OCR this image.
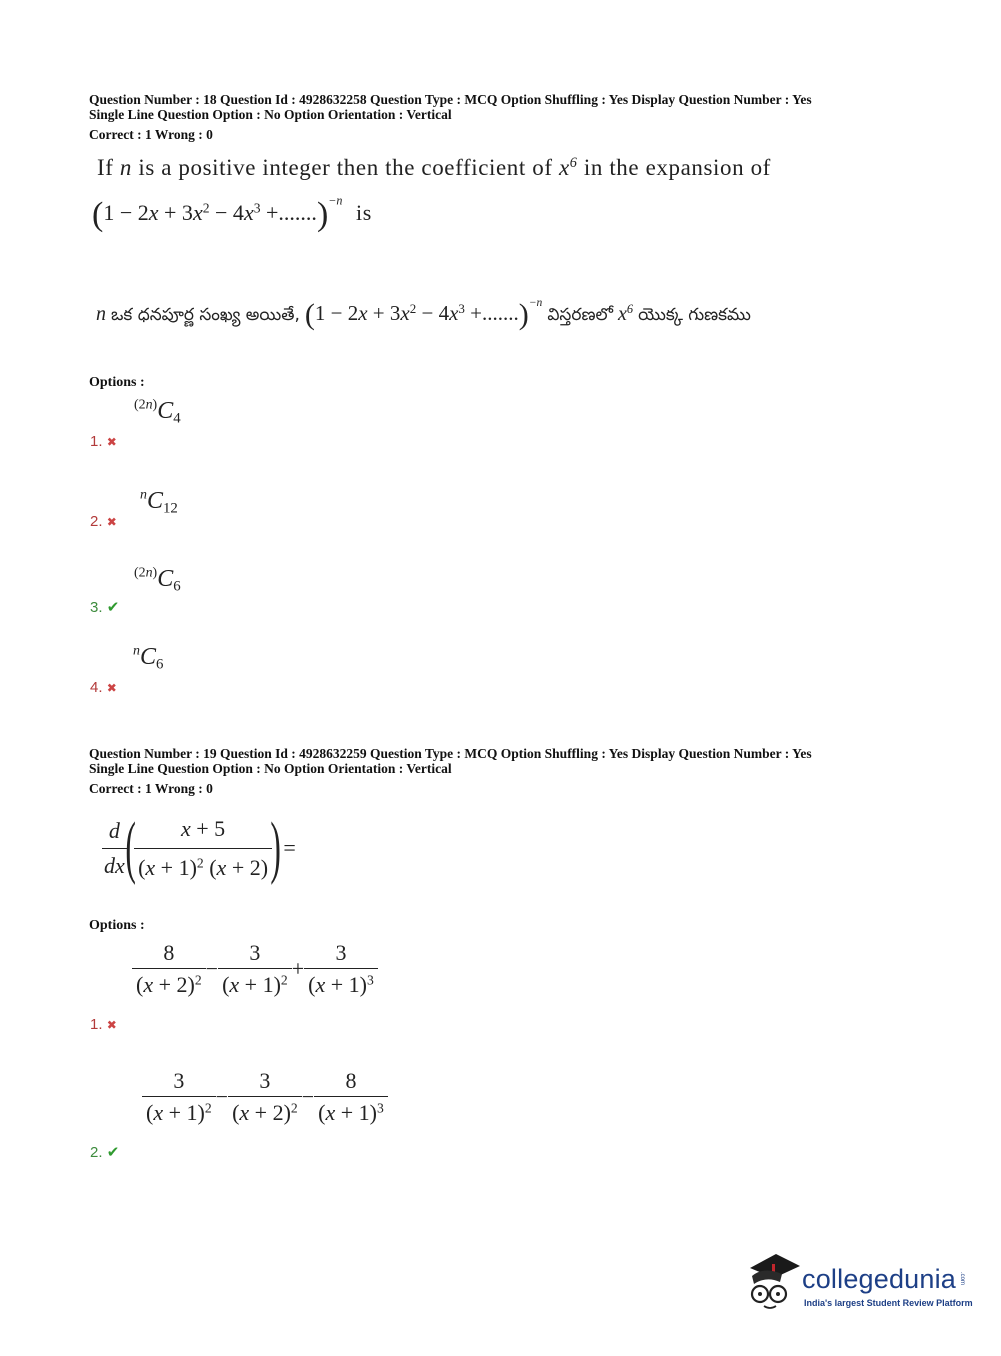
Question Number : 18 Question Id : 4928632258 Question Type : MCQ Option Shuffling : Yes Display Question Number : Yes
Single Line Question Option : No Option Orientation : Vertical
Correct : 1 Wrong : 0
If n is a positive integer then the coefficient of $x^6$ in the expansion of
$(1 - 2x + 3x^2 - 4x^3 +.......)^{-n}$ is
n ఒక ధనపూర్ణ సంఖ్య అయితే, $(1 - 2x + 3x^2 - 4x^3 +.......)^{-n}$ విస్తరణలో $x^6$ యొక్క గుణకము
Options :
$^{(2n)}C_4$
1. ✖
$^nC_{12}$
2. ✖
$^{(2n)}C_6$
3. ✔
$^nC_6$
4. ✖
Question Number : 19 Question Id : 4928632259 Question Type : MCQ Option Shuffling : Yes Display Question Number : Yes
Single Line Question Option : No Option Orientation : Vertical
Correct : 1 Wrong : 0
$\frac{d}{dx}$
(
$\frac{x + 5}{(x + 1)^2 (x + 2)}$
) =
Options :
$\frac{8}{(x + 2)^2} - \frac{3}{(x + 1)^2} + \frac{3}{(x + 1)^3}$
1. ✖
$\frac{3}{(x + 1)^2} - \frac{3}{(x + 2)^2} - \frac{8}{(x + 1)^3}$
2. ✔
collegedunia .com
India's largest Student Review Platform
